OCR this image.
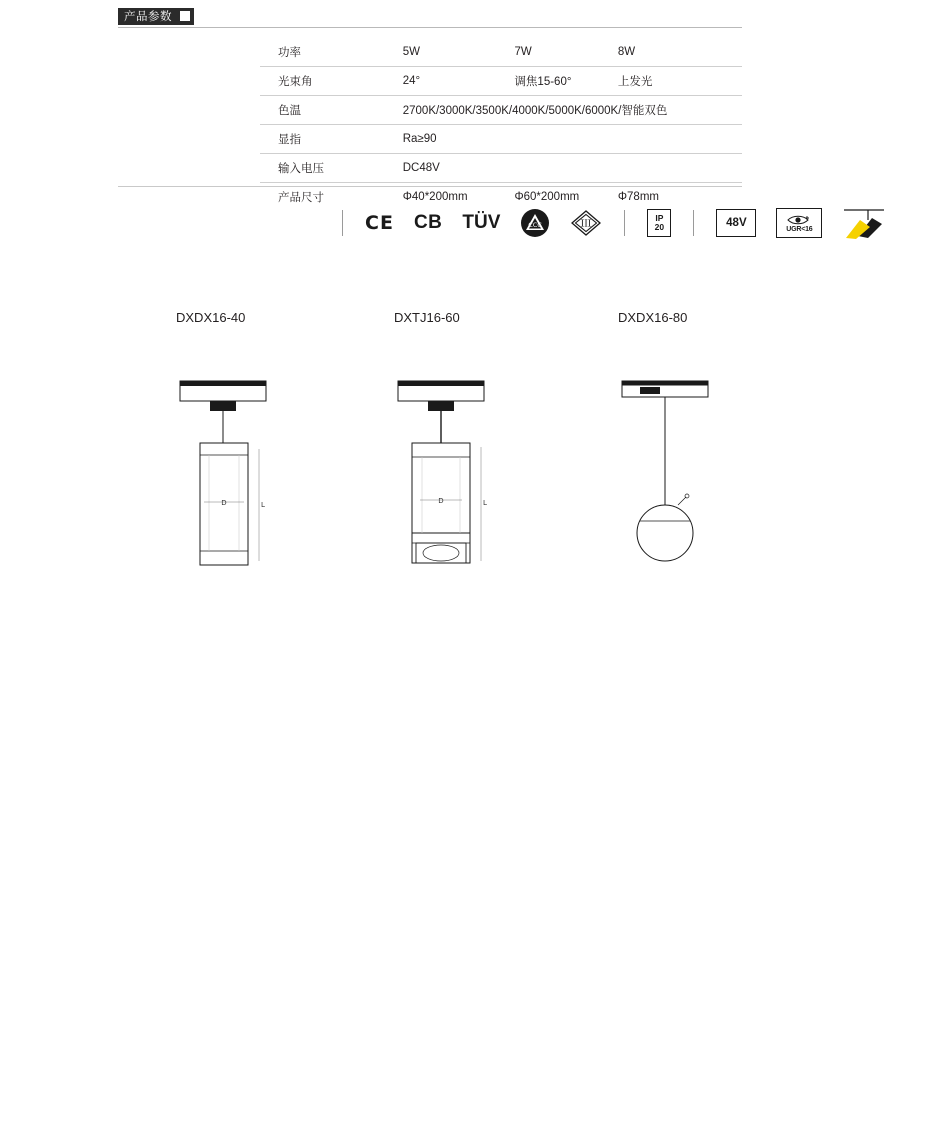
产品参数
功率	5W	7W	8W
光束角	24°	调焦15-60°	上发光
色温	2700K/3000K/3500K/4000K/5000K/6000K/智能双色		
显指	Ra≥90		
输入电压	DC48V		
产品尺寸	Φ40*200mm	Φ60*200mm	Φ78mm
CE CB TÜV	CCC	III
IP
20	48V	UGR<16
DXDX16-40
D	L
DXTJ16-60
D	L
DXDX16-80
